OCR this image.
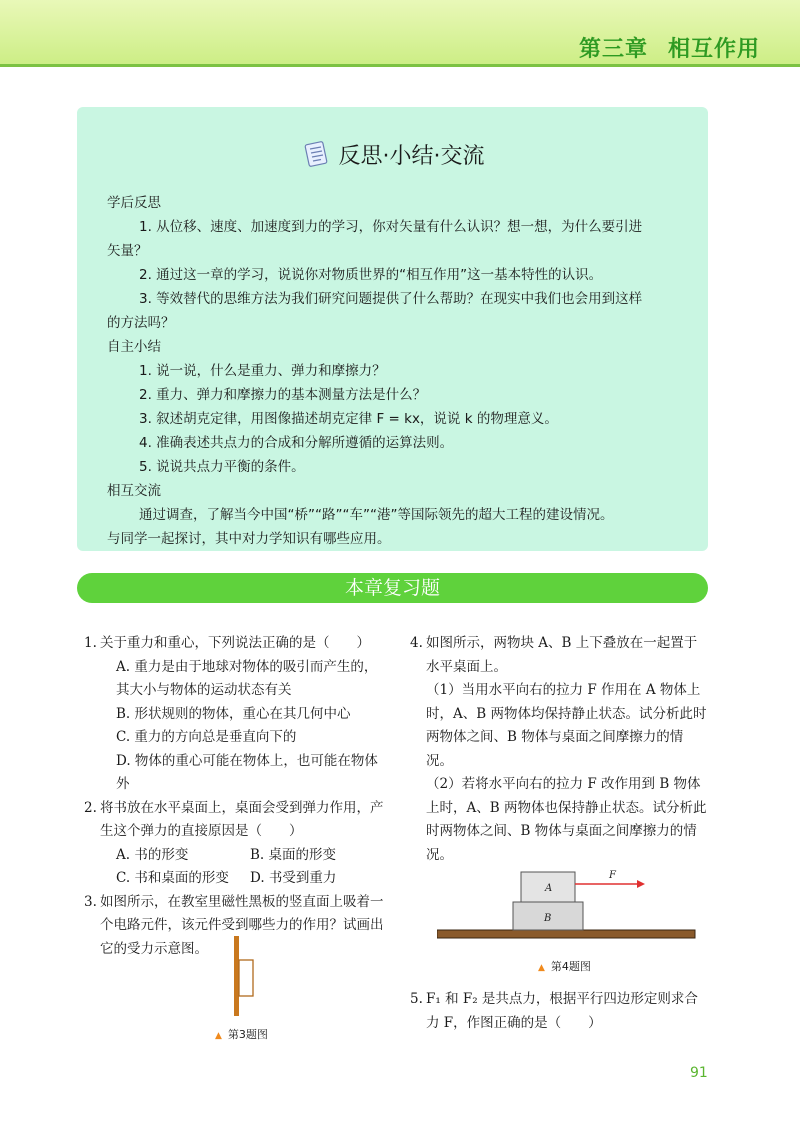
第三章 相互作用
反思·小结·交流
学后反思
1. 从位移、速度、加速度到力的学习，你对矢量有什么认识？想一想，为什么要引进
矢量？
2. 通过这一章的学习，说说你对物质世界的“相互作用”这一基本特性的认识。
3. 等效替代的思维方法为我们研究问题提供了什么帮助？在现实中我们也会用到这样
的方法吗？
自主小结
1. 说一说，什么是重力、弹力和摩擦力？
2. 重力、弹力和摩擦力的基本测量方法是什么？
3. 叙述胡克定律，用图像描述胡克定律 F = kx，说说 k 的物理意义。
4. 准确表述共点力的合成和分解所遵循的运算法则。
5. 说说共点力平衡的条件。
相互交流
通过调查，了解当今中国“桥”“路”“车”“港”等国际领先的超大工程的建设情况。
与同学一起探讨，其中对力学知识有哪些应用。
本章复习题
1. 关于重力和重心，下列说法正确的是（　　）
A. 重力是由于地球对物体的吸引而产生的，
其大小与物体的运动状态有关
B. 形状规则的物体，重心在其几何中心
C. 重力的方向总是垂直向下的
D. 物体的重心可能在物体上，也可能在物体外
2. 将书放在水平桌面上，桌面会受到弹力作用，产生这个弹力的直接原因是（　　）
A. 书的形变	B. 桌面的形变
C. 书和桌面的形变	D. 书受到重力
3. 如图所示，在教室里磁性黑板的竖直面上吸着一个电路元件，该元件受到哪些力的作用？试画出它的受力示意图。
▲ 第3题图
4. 如图所示，两物块 A、B 上下叠放在一起置于水平桌面上。
（1）当用水平向右的拉力 F 作用在 A 物体上时，A、B 两物体均保持静止状态。试分析此时两物体之间、B 物体与桌面之间摩擦力的情况。
（2）若将水平向右的拉力 F 改作用到 B 物体上时，A、B 两物体也保持静止状态。试分析此时两物体之间、B 物体与桌面之间摩擦力的情况。
A
B
F
▲ 第4题图
5. F₁ 和 F₂ 是共点力，根据平行四边形定则求合力 F，作图正确的是（　　）
91
